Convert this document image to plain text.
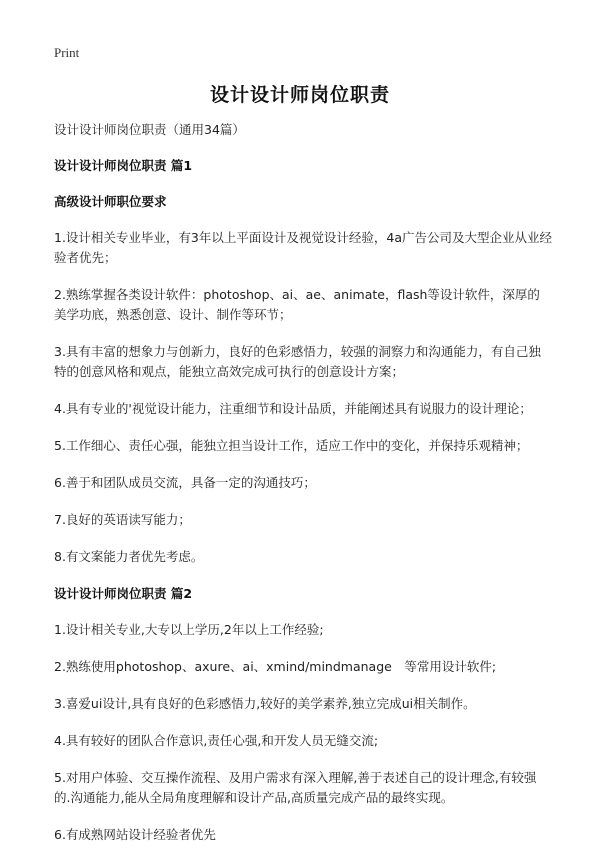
Print
设计设计师岗位职责
设计设计师岗位职责（通用34篇）
设计设计师岗位职责 篇1
高级设计师职位要求
1.设计相关专业毕业，有3年以上平面设计及视觉设计经验，4a广告公司及大型企业从业经验者优先；
2.熟练掌握各类设计软件：photoshop、ai、ae、animate，flash等设计软件，深厚的美学功底，熟悉创意、设计、制作等环节；
3.具有丰富的想象力与创新力，良好的色彩感悟力，较强的洞察力和沟通能力，有自己独特的创意风格和观点，能独立高效完成可执行的创意设计方案；
4.具有专业的'视觉设计能力，注重细节和设计品质，并能阐述具有说服力的设计理论；
5.工作细心、责任心强，能独立担当设计工作，适应工作中的变化，并保持乐观精神；
6.善于和团队成员交流，具备一定的沟通技巧；
7.良好的英语读写能力；
8.有文案能力者优先考虑。
设计设计师岗位职责 篇2
1.设计相关专业,大专以上学历,2年以上工作经验;
2.熟练使用photoshop、axure、ai、xmind/mindmanage　等常用设计软件;
3.喜爱ui设计,具有良好的色彩感悟力,较好的美学素养,独立完成ui相关制作。
4.具有较好的团队合作意识,责任心强,和开发人员无缝交流;
5.对用户体验、交互操作流程、及用户需求有深入理解,善于表述自己的设计理念,有较强的.沟通能力,能从全局角度理解和设计产品,高质量完成产品的最终实现。
6.有成熟网站设计经验者优先
